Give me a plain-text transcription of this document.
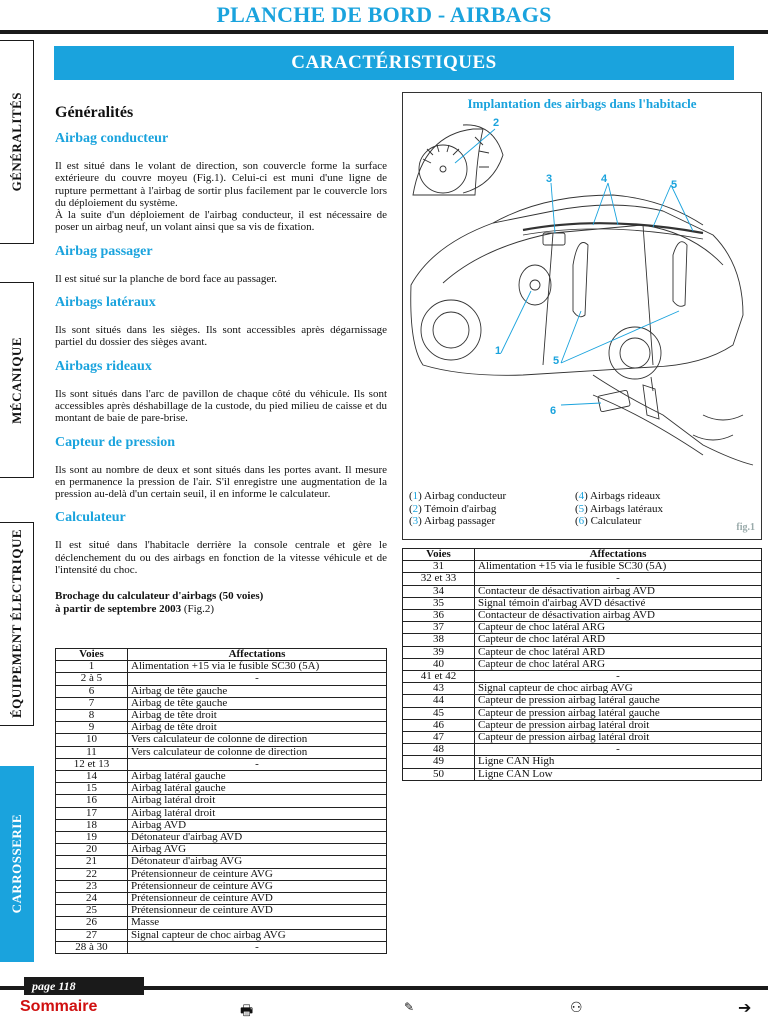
PLANCHE DE BORD - AIRBAGS
CARACTÉRISTIQUES
GÉNÉRALITÉS
MÉCANIQUE
ÉQUIPEMENT ÉLECTRIQUE
CARROSSERIE
Généralités
Airbag conducteur
Il est situé dans le volant de direction, son couvercle forme la surface extérieure du couvre moyeu (Fig.1). Celui-ci est muni d'une ligne de rupture permettant à l'airbag de sortir plus facilement par le couvercle lors du déploiement du système.
À la suite d'un déploiement de l'airbag conducteur, il est nécessaire de poser un airbag neuf, un volant ainsi que sa vis de fixation.
Airbag passager
Il est situé sur la planche de bord face au passager.
Airbags latéraux
Ils sont situés dans les sièges. Ils sont accessibles après dégarnissage partiel du dossier des sièges avant.
Airbags rideaux
Ils sont situés dans l'arc de pavillon de chaque côté du véhicule. Ils sont accessibles après déshabillage de la custode, du pied milieu de caisse et du montant de baie de pare-brise.
Capteur de pression
Ils sont au nombre de deux et sont situés dans les portes avant. Il mesure en permanence la pression de l'air. S'il enregistre une augmentation de la pression au-delà d'un certain seuil, il en informe le calculateur.
Calculateur
Il est situé dans l'habitacle derrière la console centrale et gère le déclenchement du ou des airbags en fonction de la vitesse véhicule et de l'intensité du choc.
Brochage du calculateur d'airbags (50 voies)
à partir de septembre 2003 (Fig.2)
Voies	Affectations
1	Alimentation +15 via le fusible SC30 (5A)
2 à 5	-
6	Airbag de tête gauche
7	Airbag de tête gauche
8	Airbag de tête droit
9	Airbag de tête droit
10	Vers calculateur de colonne de direction
11	Vers calculateur de colonne de direction
12 et 13	-
14	Airbag latéral gauche
15	Airbag latéral gauche
16	Airbag latéral droit
17	Airbag latéral droit
18	Airbag AVD
19	Détonateur d'airbag AVD
20	Airbag AVG
21	Détonateur d'airbag AVG
22	Prétensionneur de ceinture AVG
23	Prétensionneur de ceinture AVG
24	Prétensionneur de ceinture AVD
25	Prétensionneur de ceinture AVD
26	Masse
27	Signal capteur de choc airbag AVG
28 à 30	-
Implantation des airbags dans l'habitacle
2
3	4	5
1
5
6
(1) Airbag conducteur
(2) Témoin d'airbag
(3) Airbag passager
(4) Airbags rideaux
(5) Airbags latéraux
(6) Calculateur
fig.1
Voies	Affectations
31	Alimentation +15 via le fusible SC30 (5A)
32 et 33	-
34	Contacteur de désactivation airbag AVD
35	Signal témoin d'airbag AVD désactivé
36	Contacteur de désactivation airbag AVD
37	Capteur de choc latéral ARG
38	Capteur de choc latéral ARD
39	Capteur de choc latéral ARD
40	Capteur de choc latéral ARG
41 et 42	-
43	Signal capteur de choc airbag AVG
44	Capteur de pression airbag latéral gauche
45	Capteur de pression airbag latéral gauche
46	Capteur de pression airbag latéral droit
47	Capteur de pression airbag latéral droit
48	-
49	Ligne CAN High
50	Ligne CAN Low
page 118
Sommaire	🖶	✎	⚇	➔
